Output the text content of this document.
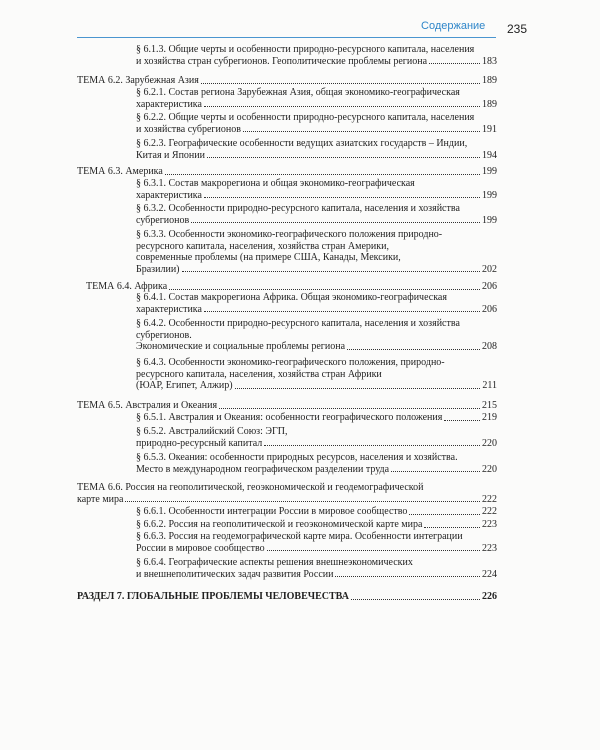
Содержание 235
§ 6.1.3. Общие черты и особенности природно-ресурсного капитала, населения
и хозяйства стран субрегионов. Геополитические проблемы региона	183
ТЕМА 6.2. Зарубежная Азия	189
§ 6.2.1. Состав региона Зарубежная Азия, общая экономико-географическая
характеристика	189
§ 6.2.2. Общие черты и особенности природно-ресурсного капитала, населения
и хозяйства субрегионов	191
§ 6.2.3. Географические особенности ведущих азиатских государств – Индии,
Китая и Японии	194
ТЕМА 6.3. Америка	199
§ 6.3.1. Состав макрорегиона и общая экономико-географическая
характеристика	199
§ 6.3.2. Особенности природно-ресурсного капитала, населения и хозяйства
субрегионов	199
§ 6.3.3. Особенности экономико-географического положения природно-
ресурсного капитала, населения, хозяйства стран Америки,
современные проблемы (на примере США, Канады, Мексики,
Бразилии)	202
ТЕМА 6.4. Африка	206
§ 6.4.1. Состав макрорегиона Африка. Общая экономико-географическая
характеристика	206
§ 6.4.2. Особенности природно-ресурсного капитала, населения и хозяйства
субрегионов.
Экономические и социальные проблемы региона	208
§ 6.4.3. Особенности экономико-географического положения, природно-
ресурсного капитала, населения, хозяйства стран Африки
(ЮАР, Египет, Алжир)	211
ТЕМА 6.5. Австралия и Океания	215
§ 6.5.1. Австралия и Океания: особенности географического положения	219
§ 6.5.2. Австралийский Союз: ЭГП,
природно-ресурсный капитал	220
§ 6.5.3. Океания: особенности природных ресурсов, населения и хозяйства.
Место в международном географическом разделении труда	220
ТЕМА 6.6. Россия на геополитической, геоэкономической и геодемографической
карте мира	222
§ 6.6.1. Особенности интеграции России в мировое сообщество	222
§ 6.6.2. Россия на геополитической и геоэкономической карте мира	223
§ 6.6.3. Россия на геодемографической карте мира. Особенности интеграции
России в мировое сообщество	223
§ 6.6.4. Географические аспекты решения внешнеэкономических
и внешнеполитических задач развития России	224
РАЗДЕЛ 7. ГЛОБАЛЬНЫЕ ПРОБЛЕМЫ ЧЕЛОВЕЧЕСТВА	226
